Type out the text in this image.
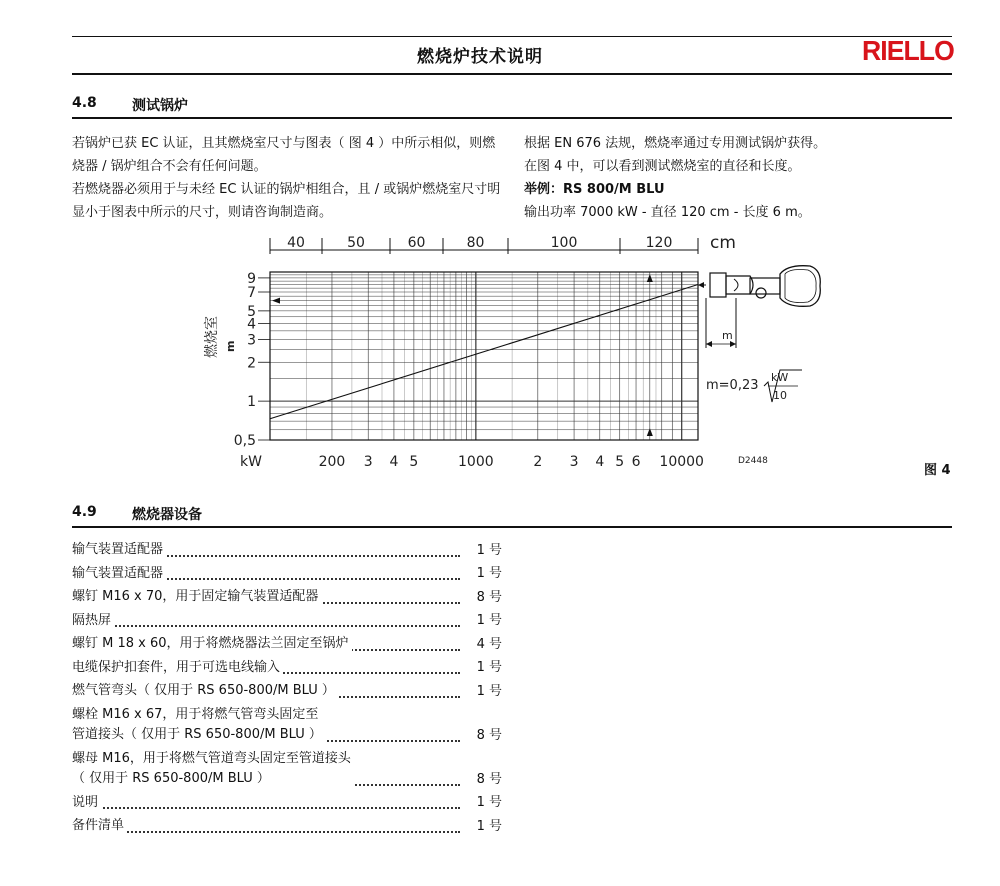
燃烧炉技术说明	RIELLO
4.8	测试锅炉

若锅炉已获 EC 认证，且其燃烧室尺寸与图表（ 图 4 ）中所示相似，则燃烧器 / 锅炉组合不会有任何问题。

若燃烧器必须用于与未经 EC 认证的锅炉相组合，且 / 或锅炉燃烧室尺寸明显小于图表中所示的尺寸，则请咨询制造商。

根据 EN 676 法规，燃烧率通过专用测试锅炉获得。

在图 4 中，可以看到测试燃烧室的直径和长度。

举例：RS 800/M BLU

输出功率 7000 kW - 直径 120 cm - 长度 6 m。

9
7
5
4
3
2
1
0,5
200 3 4 5	1000	2 3 4 5 6 10000
40	50	60	80	100	120 cm
m
燃烧室
kW	D2448
m=0,23
kW
10
m
图 4
4.9	燃烧器设备
输气装置适配器	1 号
输气装置适配器	1 号
螺钉 M16 x 70，用于固定输气装置适配器	8 号
隔热屏	1 号
螺钉 M 18 x 60，用于将燃烧器法兰固定至锅炉	4 号
电缆保护扣套件，用于可选电线输入	1 号
燃气管弯头（ 仅用于 RS 650-800/M BLU ）	1 号
螺栓 M16 x 67，用于将燃气管弯头固定至
管道接头（ 仅用于 RS 650-800/M BLU ）	8 号
螺母 M16，用于将燃气管道弯头固定至管道接头
（ 仅用于 RS 650-800/M BLU ）	8 号
说明	1 号
备件清单	1 号
